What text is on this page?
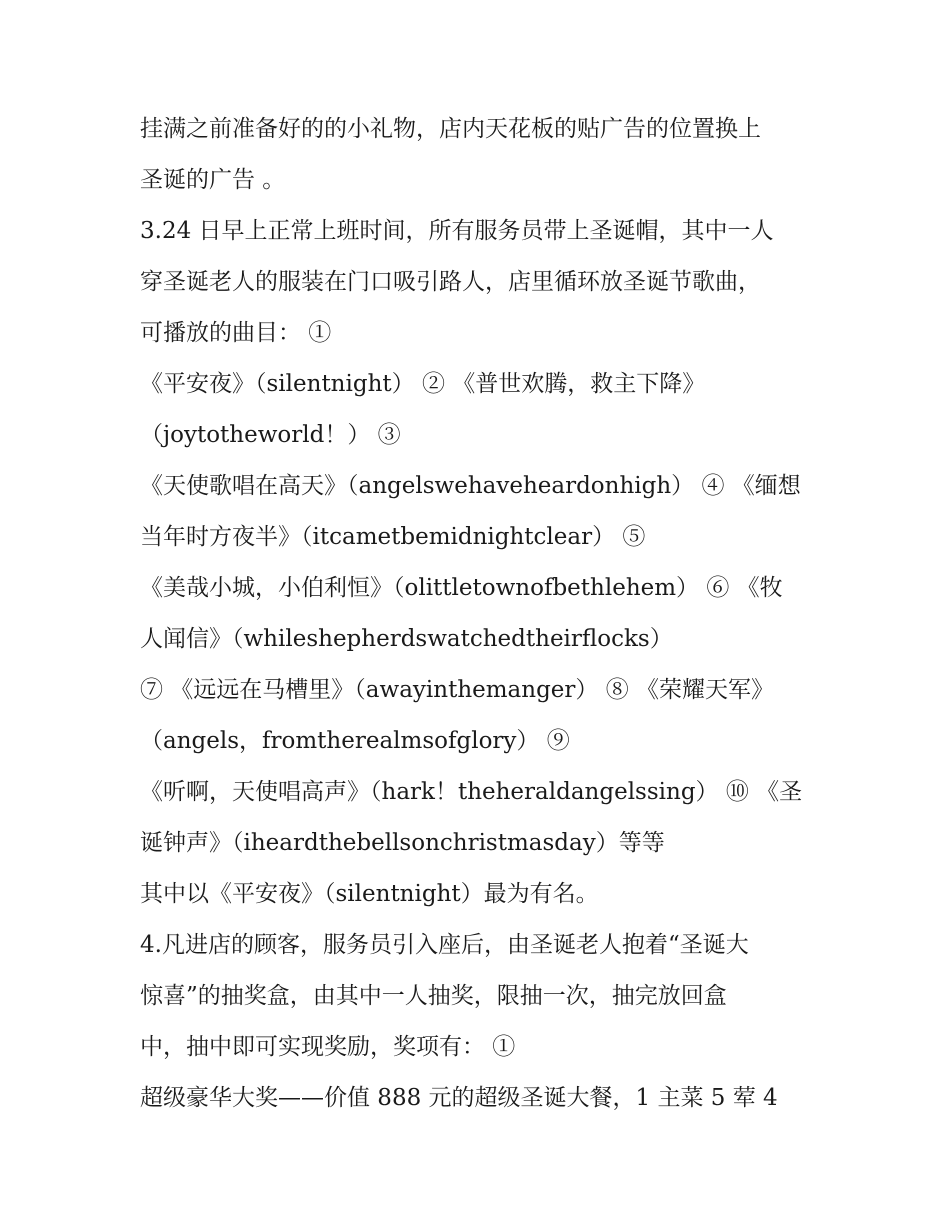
挂满之前准备好的的小礼物，店内天花板的贴广告的位置换上
圣诞的广告 。
3.24 日早上正常上班时间，所有服务员带上圣诞帽，其中一人
穿圣诞老人的服装在门口吸引路人，店里循环放圣诞节歌曲，
可播放的曲目： ①
《平安夜》（silentnight） ② 《普世欢腾，救主下降》
（joytotheworld！） ③
《天使歌唱在高天》（angelswehaveheardonhigh） ④ 《缅想
当年时方夜半》（itcametbemidnightclear） ⑤
《美哉小城，小伯利恒》（olittletownofbethlehem） ⑥ 《牧
人闻信》（whileshepherdswatchedtheirflocks）
⑦ 《远远在马槽里》（awayinthemanger） ⑧ 《荣耀天军》
（angels，fromtherealmsofglory） ⑨
《听啊，天使唱高声》（hark！theheraldangelssing） ⑩ 《圣
诞钟声》（iheardthebellsonchristmasday）等等
其中以《平安夜》（silentnight）最为有名。
4.凡进店的顾客，服务员引入座后，由圣诞老人抱着“圣诞大
惊喜”的抽奖盒，由其中一人抽奖，限抽一次，抽完放回盒
中，抽中即可实现奖励，奖项有： ①
超级豪华大奖——价值 888 元的超级圣诞大餐，1 主菜 5 荤 4
